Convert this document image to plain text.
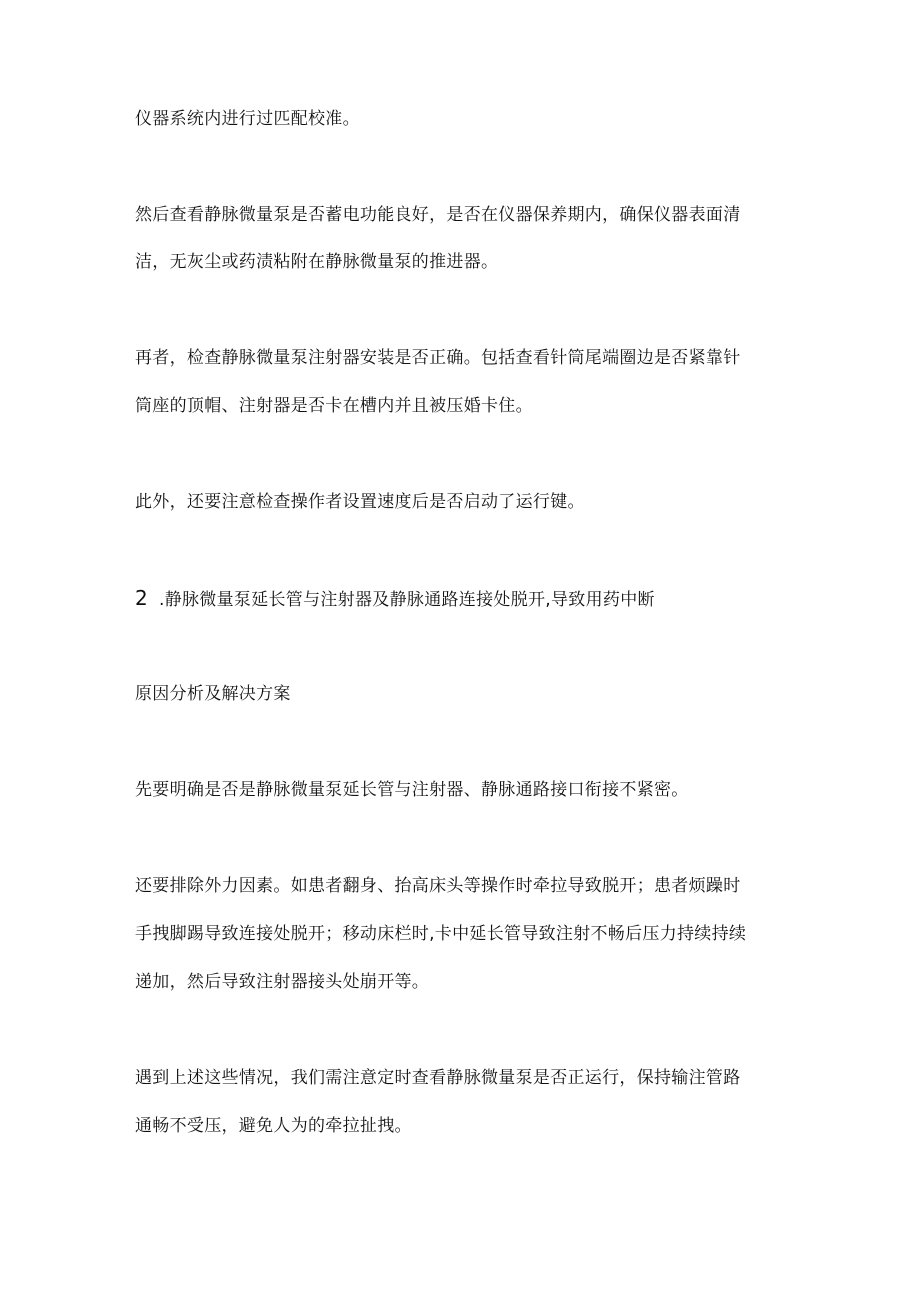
仪器系统内进行过匹配校准。
然后查看静脉微量泵是否蓄电功能良好，是否在仪器保养期内，确保仪器表面清
洁，无灰尘或药渍粘附在静脉微量泵的推进器。
再者，检查静脉微量泵注射器安装是否正确。包括查看针筒尾端圈边是否紧靠针
筒座的顶帽、注射器是否卡在槽内并且被压婚卡住。
此外，还要注意检查操作者设置速度后是否启动了运行键。
2 .静脉微量泵延长管与注射器及静脉通路连接处脱开,导致用药中断
原因分析及解决方案
先要明确是否是静脉微量泵延长管与注射器、静脉通路接口衔接不紧密。
还要排除外力因素。如患者翻身、抬高床头等操作时牵拉导致脱开；患者烦躁时
手拽脚踢导致连接处脱开；移动床栏时,卡中延长管导致注射不畅后压力持续持续
递加，然后导致注射器接头处崩开等。
遇到上述这些情况，我们需注意定时查看静脉微量泵是否正运行，保持输注管路
通畅不受压，避免人为的牵拉扯拽。
